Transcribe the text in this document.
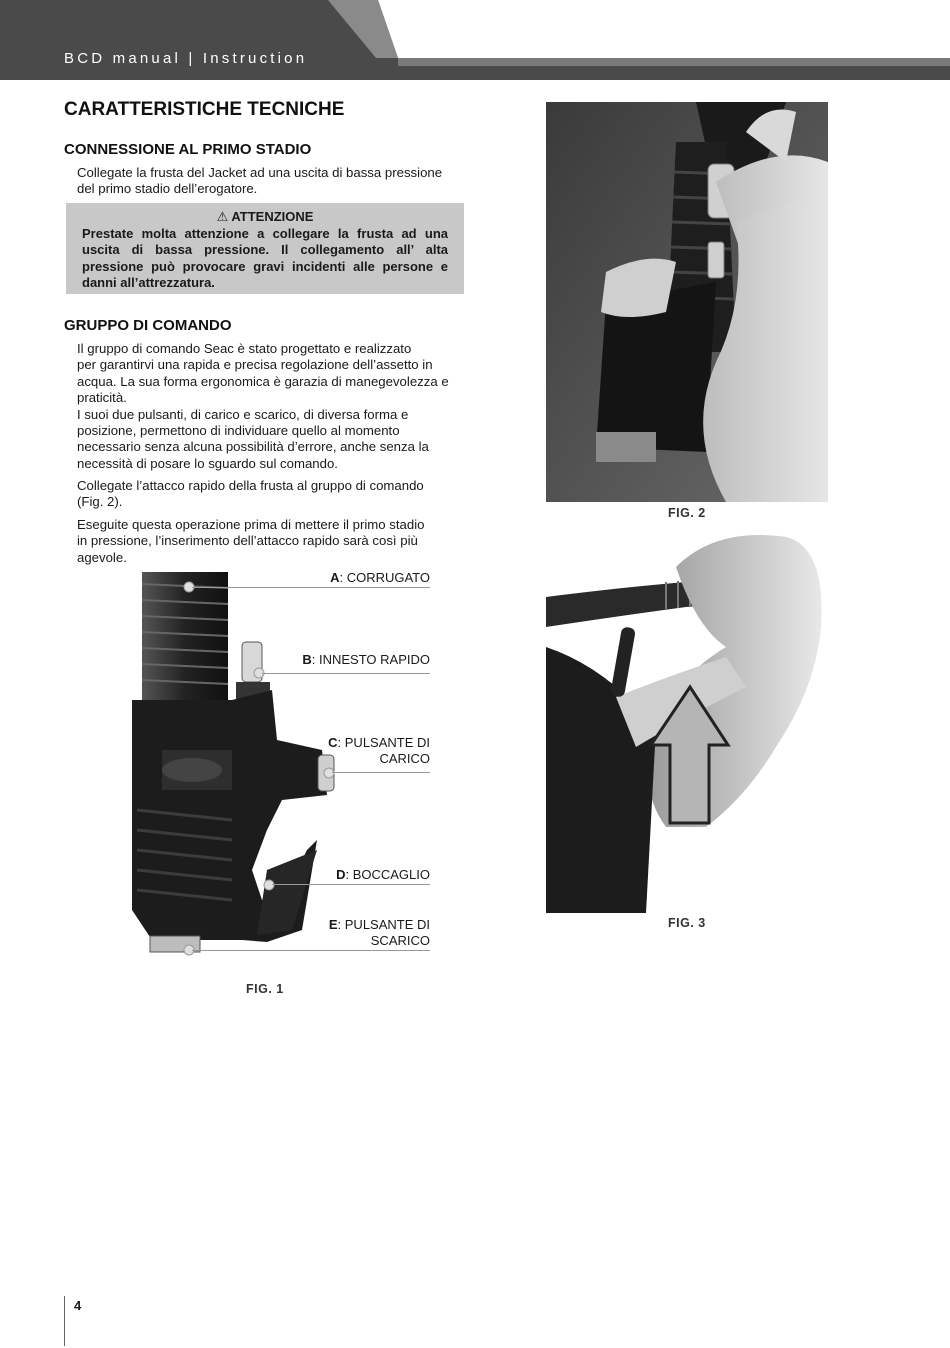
BCD manual | Instruction
CARATTERISTICHE TECNICHE
CONNESSIONE AL PRIMO STADIO
Collegate la frusta del Jacket ad una uscita di bassa pressione
del primo stadio dell’erogatore.
⚠ ATTENZIONE
Prestate molta attenzione a collegare la frusta ad una
uscita di bassa pressione. Il collegamento all’ alta
pressione può provocare gravi incidenti alle persone e
danni all’attrezzatura.
GRUPPO DI COMANDO
Il gruppo di comando Seac è stato progettato e realizzato
per garantirvi una rapida e precisa regolazione dell’assetto in
acqua. La sua forma ergonomica è garazia di manegevolezza e
praticità.
I suoi due pulsanti, di carico e scarico, di diversa forma e
posizione, permettono di individuare quello al momento
necessario senza alcuna possibilità d’errore, anche senza la
necessità di posare lo sguardo sul comando.
Collegate l’attacco rapido della frusta al gruppo di comando
(Fig. 2).
Eseguite questa operazione prima di mettere il primo stadio
in pressione, l’inserimento dell’attacco rapido sarà così più
agevole.
A: CORRUGATO
B: INNESTO RAPIDO
C: PULSANTE DI
CARICO
D: BOCCAGLIO
E: PULSANTE DI
SCARICO
FIG. 1
FIG. 2
FIG. 3
4
